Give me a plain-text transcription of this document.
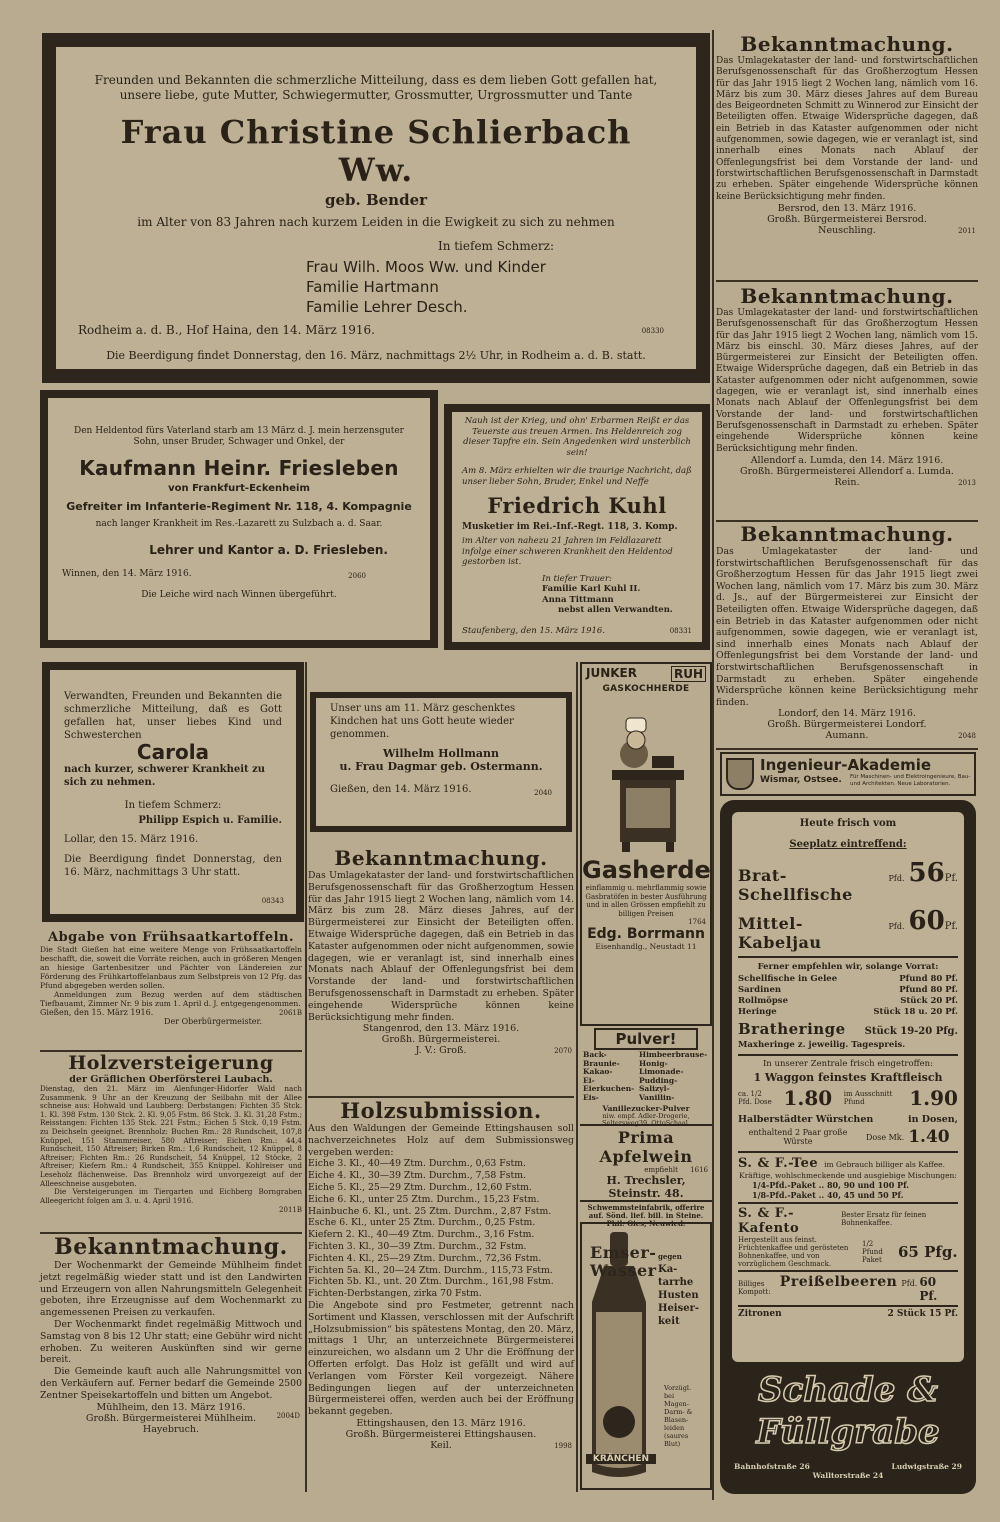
Freunden und Bekannten die schmerzliche Mitteilung, dass es dem lieben Gott gefallen hat, unsere liebe, gute Mutter, Schwiegermutter, Grossmutter, Urgrossmutter und Tante

Frau Christine Schlierbach Ww.

geb. Bender

im Alter von 83 Jahren nach kurzem Leiden in die Ewigkeit zu sich zu nehmen

In tiefem Schmerz:

Frau Wilh. Moos Ww. und Kinder
Familie Hartmann
Familie Lehrer Desch.
Rodheim a. d. B., Hof Haina, den 14. März 1916.	08330

Die Beerdigung findet Donnerstag, den 16. März, nachmittags 2½ Uhr, in Rodheim a. d. B. statt.

Den Heldentod fürs Vaterland starb am 13 März d. J. mein herzensguter Sohn, unser Bruder, Schwager und Onkel, der

Kaufmann Heinr. Friesleben

von Frankfurt-Eckenheim

Gefreiter im Infanterie-Regiment Nr. 118, 4. Kompagnie

nach langer Krankheit im Res.-Lazarett zu Sulzbach a. d. Saar.

Lehrer und Kantor a. D. Friesleben.

Winnen, den 14. März 1916.	2060

Die Leiche wird nach Winnen übergeführt.

Nauh ist der Krieg, und ohn' Erbarmen Reißt er das Teuerste aus treuen Armen. Ins Heldenreich zog dieser Tapfre ein. Sein Angedenken wird unsterblich sein!

Am 8. März erhielten wir die traurige Nachricht, daß unser lieber Sohn, Bruder, Enkel und Neffe

Friedrich Kuhl

Musketier im Rei.-Inf.-Regt. 118, 3. Komp.

im Alter von nahezu 21 Jahren im Feldlazarett infolge einer schweren Krankheit den Heldentod gestorben ist.

In tiefer Trauer:
Familie Karl Kuhl II.
Anna Tittmann
nebst allen Verwandten.
Staufenberg, den 15. März 1916.	08331
Bekanntmachung.

Das Umlagekataster der land- und forstwirtschaftlichen Berufsgenossenschaft für das Großherzogtum Hessen für das Jahr 1915 liegt 2 Wochen lang, nämlich vom 16. März bis zum 30. März dieses Jahres auf dem Bureau des Beigeordneten Schmitt zu Winnerod zur Einsicht der Beteiligten offen. Etwaige Widersprüche dagegen, daß ein Betrieb in das Kataster aufgenommen oder nicht aufgenommen, sowie dagegen, wie er veranlagt ist, sind innerhalb eines Monats nach Ablauf der Offenlegungsfrist bei dem Vorstande der land- und forstwirtschaftlichen Berufsgenossenschaft in Darmstadt zu erheben. Später eingehende Widersprüche können keine Berücksichtigung mehr finden.

Bersrod, den 13. März 1916.

Großh. Bürgermeisterei Bersrod.

Neuschling.	2011
Bekanntmachung.

Das Umlagekataster der land- und forstwirtschaftlichen Berufsgenossenschaft für das Großherzogtum Hessen für das Jahr 1915 liegt 2 Wochen lang, nämlich vom 15. März bis einschl. 30. März dieses Jahres, auf der Bürgermeisterei zur Einsicht der Beteiligten offen. Etwaige Widersprüche dagegen, daß ein Betrieb in das Kataster aufgenommen oder nicht aufgenommen, sowie dagegen, wie er veranlagt ist, sind innerhalb eines Monats nach Ablauf der Offenlegungsfrist bei dem Vorstande der land- und forstwirtschaftlichen Berufsgenossenschaft in Darmstadt zu erheben. Später eingehende Widersprüche können keine Berücksichtigung mehr finden.

Allendorf a. Lumda, den 14. März 1916.

Großh. Bürgermeisterei Allendorf a. Lumda.

Rein.	2013
Bekanntmachung.

Das Umlagekataster der land- und forstwirtschaftlichen Berufsgenossenschaft für das Großherzogtum Hessen für das Jahr 1915 liegt zwei Wochen lang, nämlich vom 17. März bis zum 30. März d. Js., auf der Bürgermeisterei zur Einsicht der Beteiligten offen. Etwaige Widersprüche dagegen, daß ein Betrieb in das Kataster aufgenommen oder nicht aufgenommen, sowie dagegen, wie er veranlagt ist, sind innerhalb eines Monats nach Ablauf der Offenlegungsfrist bei dem Vorstande der land- und forstwirtschaftlichen Berufsgenossenschaft in Darmstadt zu erheben. Später eingehende Widersprüche können keine Berücksichtigung mehr finden.

Londorf, den 14. März 1916.

Großh. Bürgermeisterei Londorf.

Aumann.	2048
Ingenieur-Akademie
Wismar, Ostsee. Für Maschinen- und Elektroingenieure, Bau- und Architekten. Neue Laboratorien.

Heute frisch vom

Seeplatz eintreffend:

Brat-Schellfische
Pfd. 56 Pf.
Mittel-Kabeljau
Pfd. 60 Pf.

Ferner empfehlen wir, solange Vorrat:

Schellfische in Gelee	Pfund 80 Pf.
Sardinen	Pfund 80 Pf.
Rollmöpse	Stück 20 Pf.
Heringe	Stück 18 u. 20 Pf.
Bratheringe Stück 19-20 Pfg.

Maxheringe z. jeweilig. Tagespreis.

In unserer Zentrale frisch eingetroffen:

1 Waggon feinstes Kraftfleisch

ca. 1/2 Pfd. Dose 1.80 im Ausschnitt Pfund	1.90
Halberstädter Würstchen	in Dosen,
enthaltend 2 Paar große Würste	Dose Mk. 1.40
S. & F.-Tee im Gebrauch billiger als Kaffee.

Kräftige, wohlschmeckende und ausgiebige Mischungen:

1/4-Pfd.-Paket .. 80, 90 und 100 Pf.

1/8-Pfd.-Paket .. 40, 45 und 50 Pf.

S. & F.-Kafento
Bester Ersatz für feinen Bohnenkaffee.
Hergestellt aus feinst. Früchtenkaffee und gerösteten Bohnenkaffee, und von vorzüglichem Geschmack.
1/2 Pfund Paket	65 Pfg.
Billiges Kompott:
Preißelbeeren Pfd. 60 Pf.
Zitronen	2 Stück 15 Pf.
Schade &
Füllgrabe
Bahnhofstraße 26	Ludwigstraße 29
Walltorstraße 24

Verwandten, Freunden und Bekannten die schmerzliche Mitteilung, daß es Gott gefallen hat, unser liebes Kind und Schwesterchen

Carola

nach kurzer, schwerer Krankheit zu sich zu nehmen.

In tiefem Schmerz:

Philipp Espich u. Familie.

Lollar, den 15. März 1916.

Die Beerdigung findet Donnerstag, den 16. März, nachmittags 3 Uhr statt.

08343

Unser uns am 11. März geschenktes Kindchen hat uns Gott heute wieder genommen.

Wilhelm Hollmann

u. Frau Dagmar geb. Ostermann.

Gießen, den 14. März 1916.	2040
Bekanntmachung.

Das Umlagekataster der land- und forstwirtschaftlichen Berufsgenossenschaft für das Großherzogtum Hessen für das Jahr 1915 liegt 2 Wochen lang, nämlich vom 14. März bis zum 28. März dieses Jahres, auf der Bürgermeisterei zur Einsicht der Beteiligten offen. Etwaige Widersprüche dagegen, daß ein Betrieb in das Kataster aufgenommen oder nicht aufgenommen, sowie dagegen, wie er veranlagt ist, sind innerhalb eines Monats nach Ablauf der Offenlegungsfrist bei dem Vorstande der land- und forstwirtschaftlichen Berufsgenossenschaft in Darmstadt zu erheben. Später eingehende Widersprüche können keine Berücksichtigung mehr finden.

Stangenrod, den 13. März 1916.

Großh. Bürgermeisterei.

J. V.: Groß.	2070
Holzsubmission.

Aus den Waldungen der Gemeinde Ettingshausen soll nachverzeichnetes Holz auf dem Submissionsweg vergeben werden:

Eiche 3. Kl., 40—49 Ztm. Durchm., 0,63 Fstm.
Eiche 4. Kl., 30—39 Ztm. Durchm., 7,58 Fstm.
Eiche 5. Kl., 25—29 Ztm. Durchm., 12,60 Fstm.
Eiche 6. Kl., unter 25 Ztm. Durchm., 15,23 Fstm.
Hainbuche 6. Kl., unt. 25 Ztm. Durchm., 2,87 Fstm.
Esche 6. Kl., unter 25 Ztm. Durchm., 0,25 Fstm.
Kiefern 2. Kl., 40—49 Ztm. Durchm., 3,16 Fstm.
Fichten 3. Kl., 30—39 Ztm. Durchm., 32 Fstm.
Fichten 4. Kl., 25—29 Ztm. Durchm., 72,36 Fstm.
Fichten 5a. Kl., 20—24 Ztm. Durchm., 115,73 Fstm.
Fichten 5b. Kl., unt. 20 Ztm. Durchm., 161,98 Fstm.
Fichten-Derbstangen, zirka 70 Fstm.

Die Angebote sind pro Festmeter, getrennt nach Sortiment und Klassen, verschlossen mit der Aufschrift „Holzsubmission“ bis spätestens Montag, den 20. März, mittags 1 Uhr, an unterzeichnete Bürgermeisterei einzureichen, wo alsdann um 2 Uhr die Eröffnung der Offerten erfolgt. Das Holz ist gefällt und wird auf Verlangen vom Förster Keil vorgezeigt. Nähere Bedingungen liegen auf der unterzeichneten Bürgermeisterei offen, werden auch bei der Eröffnung bekannt gegeben.

Ettingshausen, den 13. März 1916.

Großh. Bürgermeisterei Ettingshausen.

Keil.	1998
Abgabe von Frühsaatkartoffeln.

Die Stadt Gießen hat eine weitere Menge von Frühsaatkartoffeln beschafft, die, soweit die Vorräte reichen, auch in größeren Mengen an hiesige Gartenbesitzer und Pächter von Ländereien zur Förderung des Frühkartoffelanbaus zum Selbstpreis von 12 Pfg. das Pfund abgegeben werden sollen.

Anmeldungen zum Bezug werden auf dem städtischen Tiefbauamt, Zimmer Nr. 9 bis zum 1. April d. J. entgegengenommen.

Gießen, den 15. März 1916.	2061B

Der Oberbürgermeister.

Holzversteigerung

der Gräflichen Oberförsterei Laubach.

Dienstag, den 21. März im Alenfunger-Hidorfer Wald nach Zusammenk. 9 Uhr an der Kreuzung der Seilbahn mit der Allee schneise aus: Hohwald und Laubberg: Derbstangen: Fichten 35 Stck. 1. Kl. 398 Fstm. 130 Stck. 2. Kl. 9,05 Fstm. 86 Stck. 3. Kl. 31,28 Fstm.; Reisstangen: Fichten 135 Stck. 221 Fstm.; Eichen 5 Stck. 0,19 Fstm. zu Deichseln geeignet. Brennholz: Buchen Rm.: 28 Rundscheit, 107,8 Knüppel, 151 Stammreiser, 580 Aftreiser; Eichen Rm.: 44,4 Rundscheit, 150 Aftreiser; Birken Rm.: 1,6 Rundscheit, 12 Knüppel, 8 Aftreiser; Fichten Rm.: 26 Rundscheit, 54 Knüppel, 12 Stöcke, 2 Aftreiser; Kiefern Rm.: 4 Rundscheit, 355 Knüppel. Kohlreiser und Leseholz flächenweise. Das Brennholz wird unvorgezeigt auf der Alleeschneise ausgeboten.

Die Versteigerungen im Tiergarten und Eichberg Borngraben Alleegericht folgen am 3. u. 4. April 1916.

2011B
Bekanntmachung.

Der Wochenmarkt der Gemeinde Mühlheim findet jetzt regelmäßig wieder statt und ist den Landwirten und Erzeugern von allen Nahrungsmitteln Gelegenheit geboten, ihre Erzeugnisse auf dem Wochenmarkt zu angemessenen Preisen zu verkaufen.

Der Wochenmarkt findet regelmäßig Mittwoch und Samstag von 8 bis 12 Uhr statt; eine Gebühr wird nicht erhoben. Zu weiteren Auskünften sind wir gerne bereit.

Die Gemeinde kauft auch alle Nahrungsmittel von den Verkäufern auf. Ferner bedarf die Gemeinde 2500 Zentner Speisekartoffeln und bitten um Angebot.

Mühlheim, den 13. März 1916.

Großh. Bürgermeisterei Mühlheim.

Hayebruch.

2004D
JUNKER	RUH
GASKOCHHERDE
Gasherde

einflammig u. mehrflammig sowie Gasbratöfen in bester Ausführung und in allen Grössen empfiehlt zu billigen Preisen

1764
Edg. Borrmann
Eisenhandlg., Neustadt 11
Pulver!
Back-
Braunie-
Kakao-
Ei-
Eierkuchen-
Eis-
Himbeerbrause-
Honig-
Limonade-
Pudding-
Salizyl-
Vanillin-
Vanillezucker-Pulver
niw. empf. Adler-Drogerie, Seltersweg39, OttoSchaal.
Prima Apfelwein
empfiehlt 1616
H. Trechsler, Steinstr. 48.

Schwemmsteinfabrik, offerire auf. Sönd. lief. bill. in Steine. Phil. Gies, Neuwied.

Emser-Wasser
gegen
Ka-
tarrhe
Husten
Heiser-
keit
Vorzügl.
bei
Magen-
Darm- &
Blasen-
leiden
(saures
Blut)
KRÄNCHEN
